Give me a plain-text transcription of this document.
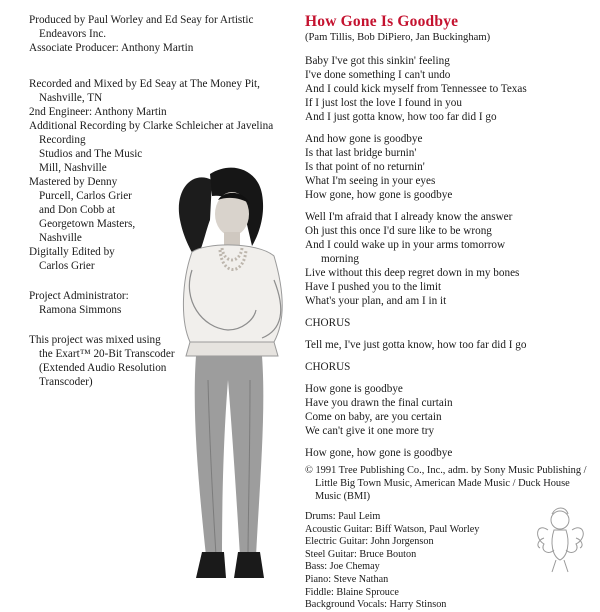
Produced by Paul Worley and Ed Seay for Artistic Endeavors Inc.
Associate Producer: Anthony Martin
Recorded and Mixed by Ed Seay at The Money Pit, Nashville, TN
2nd Engineer: Anthony Martin
Additional Recording by Clarke Schleicher at Javelina Recording
Studios and The Music
Mill, Nashville
Mastered by Denny
Purcell, Carlos Grier
and Don Cobb at
Georgetown Masters,
Nashville
Digitally Edited by
Carlos Grier
Project Administrator:
Ramona Simmons
This project was mixed using
the Exart™ 20-Bit Transcoder
(Extended Audio Resolution
Transcoder)
How Gone Is Goodbye
(Pam Tillis, Bob DiPiero, Jan Buckingham)
Baby I've got this sinkin' feeling
I've done something I can't undo
And I could kick myself from Tennessee to Texas
If I just lost the love I found in you
And I just gotta know, how too far did I go
And how gone is goodbye
Is that last bridge burnin'
Is that point of no returnin'
What I'm seeing in your eyes
How gone, how gone is goodbye
Well I'm afraid that I already know the answer
Oh just this once I'd sure like to be wrong
And I could wake up in your arms tomorrow
morning
Live without this deep regret down in my bones
Have I pushed you to the limit
What's your plan, and am I in it
CHORUS
Tell me, I've just gotta know, how too far did I go
CHORUS
How gone is goodbye
Have you drawn the final curtain
Come on baby, are you certain
We can't give it one more try
How gone, how gone is goodbye
© 1991 Tree Publishing Co., Inc., adm. by Sony Music Publishing / Little Big Town Music, American Made Music / Duck House Music (BMI)
Drums: Paul Leim
Acoustic Guitar: Biff Watson, Paul Worley
Electric Guitar: John Jorgenson
Steel Guitar: Bruce Bouton
Bass: Joe Chemay
Piano: Steve Nathan
Fiddle: Blaine Sprouce
Background Vocals: Harry Stinson
